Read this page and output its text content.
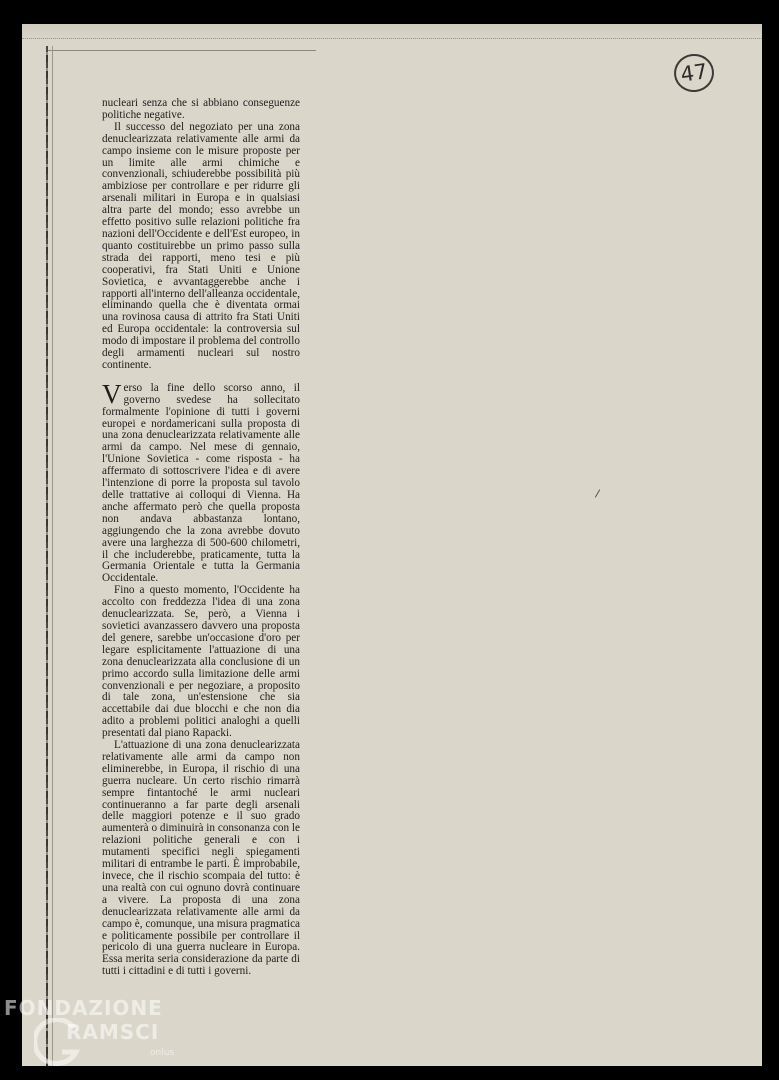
47

nucleari senza che si abbiano conseguenze politiche negative.

Il successo del negoziato per una zona denuclearizzata relativamente alle armi da campo insieme con le misure proposte per un limite alle armi chimiche e convenzionali, schiuderebbe possibilità più ambiziose per controllare e per ridurre gli arsenali militari in Europa e in qualsiasi altra parte del mondo; esso avrebbe un effetto positivo sulle relazioni politiche fra nazioni dell'Occidente e dell'Est europeo, in quanto costituirebbe un primo passo sulla strada dei rapporti, meno tesi e più cooperativi, fra Stati Uniti e Unione Sovietica, e avvantaggerebbe anche i rapporti all'interno dell'alleanza occidentale, eliminando quella che è diventata ormai una rovinosa causa di attrito fra Stati Uniti ed Europa occidentale: la controversia sul modo di impostare il problema del controllo degli armamenti nucleari sul nostro continente.

Verso la fine dello scorso anno, il governo svedese ha sollecitato formalmente l'opinione di tutti i governi europei e nordamericani sulla proposta di una zona denuclearizzata relativamente alle armi da campo. Nel mese di gennaio, l'Unione Sovietica - come risposta - ha affermato di sottoscrivere l'idea e di avere l'intenzione di porre la proposta sul tavolo delle trattative ai colloqui di Vienna. Ha anche affermato però che quella proposta non andava abbastanza lontano, aggiungendo che la zona avrebbe dovuto avere una larghezza di 500-600 chilometri, il che includerebbe, praticamente, tutta la Germania Orientale e tutta la Germania Occidentale.

Fino a questo momento, l'Occidente ha accolto con freddezza l'idea di una zona denuclearizzata. Se, però, a Vienna i sovietici avanzassero davvero una proposta del genere, sarebbe un'occasione d'oro per legare esplicitamente l'attuazione di una zona denuclearizzata alla conclusione di un primo accordo sulla limitazione delle armi convenzionali e per negoziare, a proposito di tale zona, un'estensione che sia accettabile dai due blocchi e che non dia adito a problemi politici analoghi a quelli presentati dal piano Rapacki.

L'attuazione di una zona denuclearizzata relativamente alle armi da campo non eliminerebbe, in Europa, il rischio di una guerra nucleare. Un certo rischio rimarrà sempre fintantoché le armi nucleari continueranno a far parte degli arsenali delle maggiori potenze e il suo grado aumenterà o diminuirà in consonanza con le relazioni politiche generali e con i mutamenti specifici negli spiegamenti militari di entrambe le parti. È improbabile, invece, che il rischio scompaia del tutto: è una realtà con cui ognuno dovrà continuare a vivere. La proposta di una zona denuclearizzata relativamente alle armi da campo è, comunque, una misura pragmatica e politicamente possibile per controllare il pericolo di una guerra nucleare in Europa. Essa merita seria considerazione da parte di tutti i cittadini e di tutti i governi.

FONDAZIONE
RAMSCI
onlus
